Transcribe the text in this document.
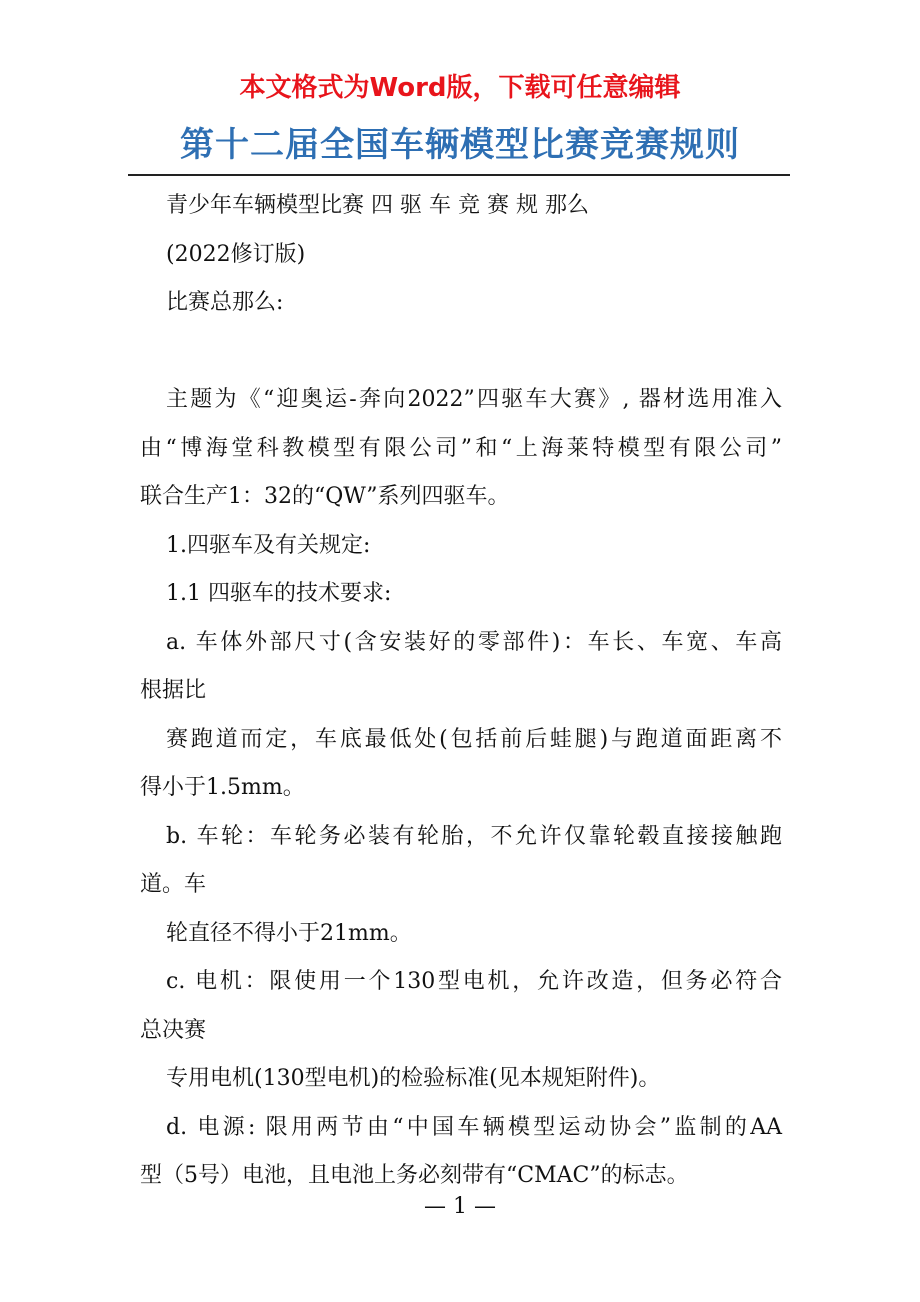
本文格式为Word版，下载可任意编辑
第十二届全国车辆模型比赛竞赛规则
青少年车辆模型比赛 四 驱 车 竞 赛 规 那么
(2022修订版)
比赛总那么:
主题为《“迎奥运-奔向2022”四驱车大赛》, 器材选用准入
由“博海堂科教模型有限公司”和“上海莱特模型有限公司”
联合生产1：32的“QW”系列四驱车。
1.四驱车及有关规定:
1.1 四驱车的技术要求:
a. 车体外部尺寸(含安装好的零部件)：车长、车宽、车高
根据比
赛跑道而定，车底最低处(包括前后蛙腿)与跑道面距离不
得小于1.5mm。
b. 车轮：车轮务必装有轮胎，不允许仅靠轮毂直接接触跑
道。车
轮直径不得小于21mm。
c. 电机：限使用一个130型电机，允许改造，但务必符合
总决赛
专用电机(130型电机)的检验标准(见本规矩附件)。
d. 电源: 限用两节由“中国车辆模型运动协会”监制的AA
型（5号）电池，且电池上务必刻带有“CMAC”的标志。
— 1 —
